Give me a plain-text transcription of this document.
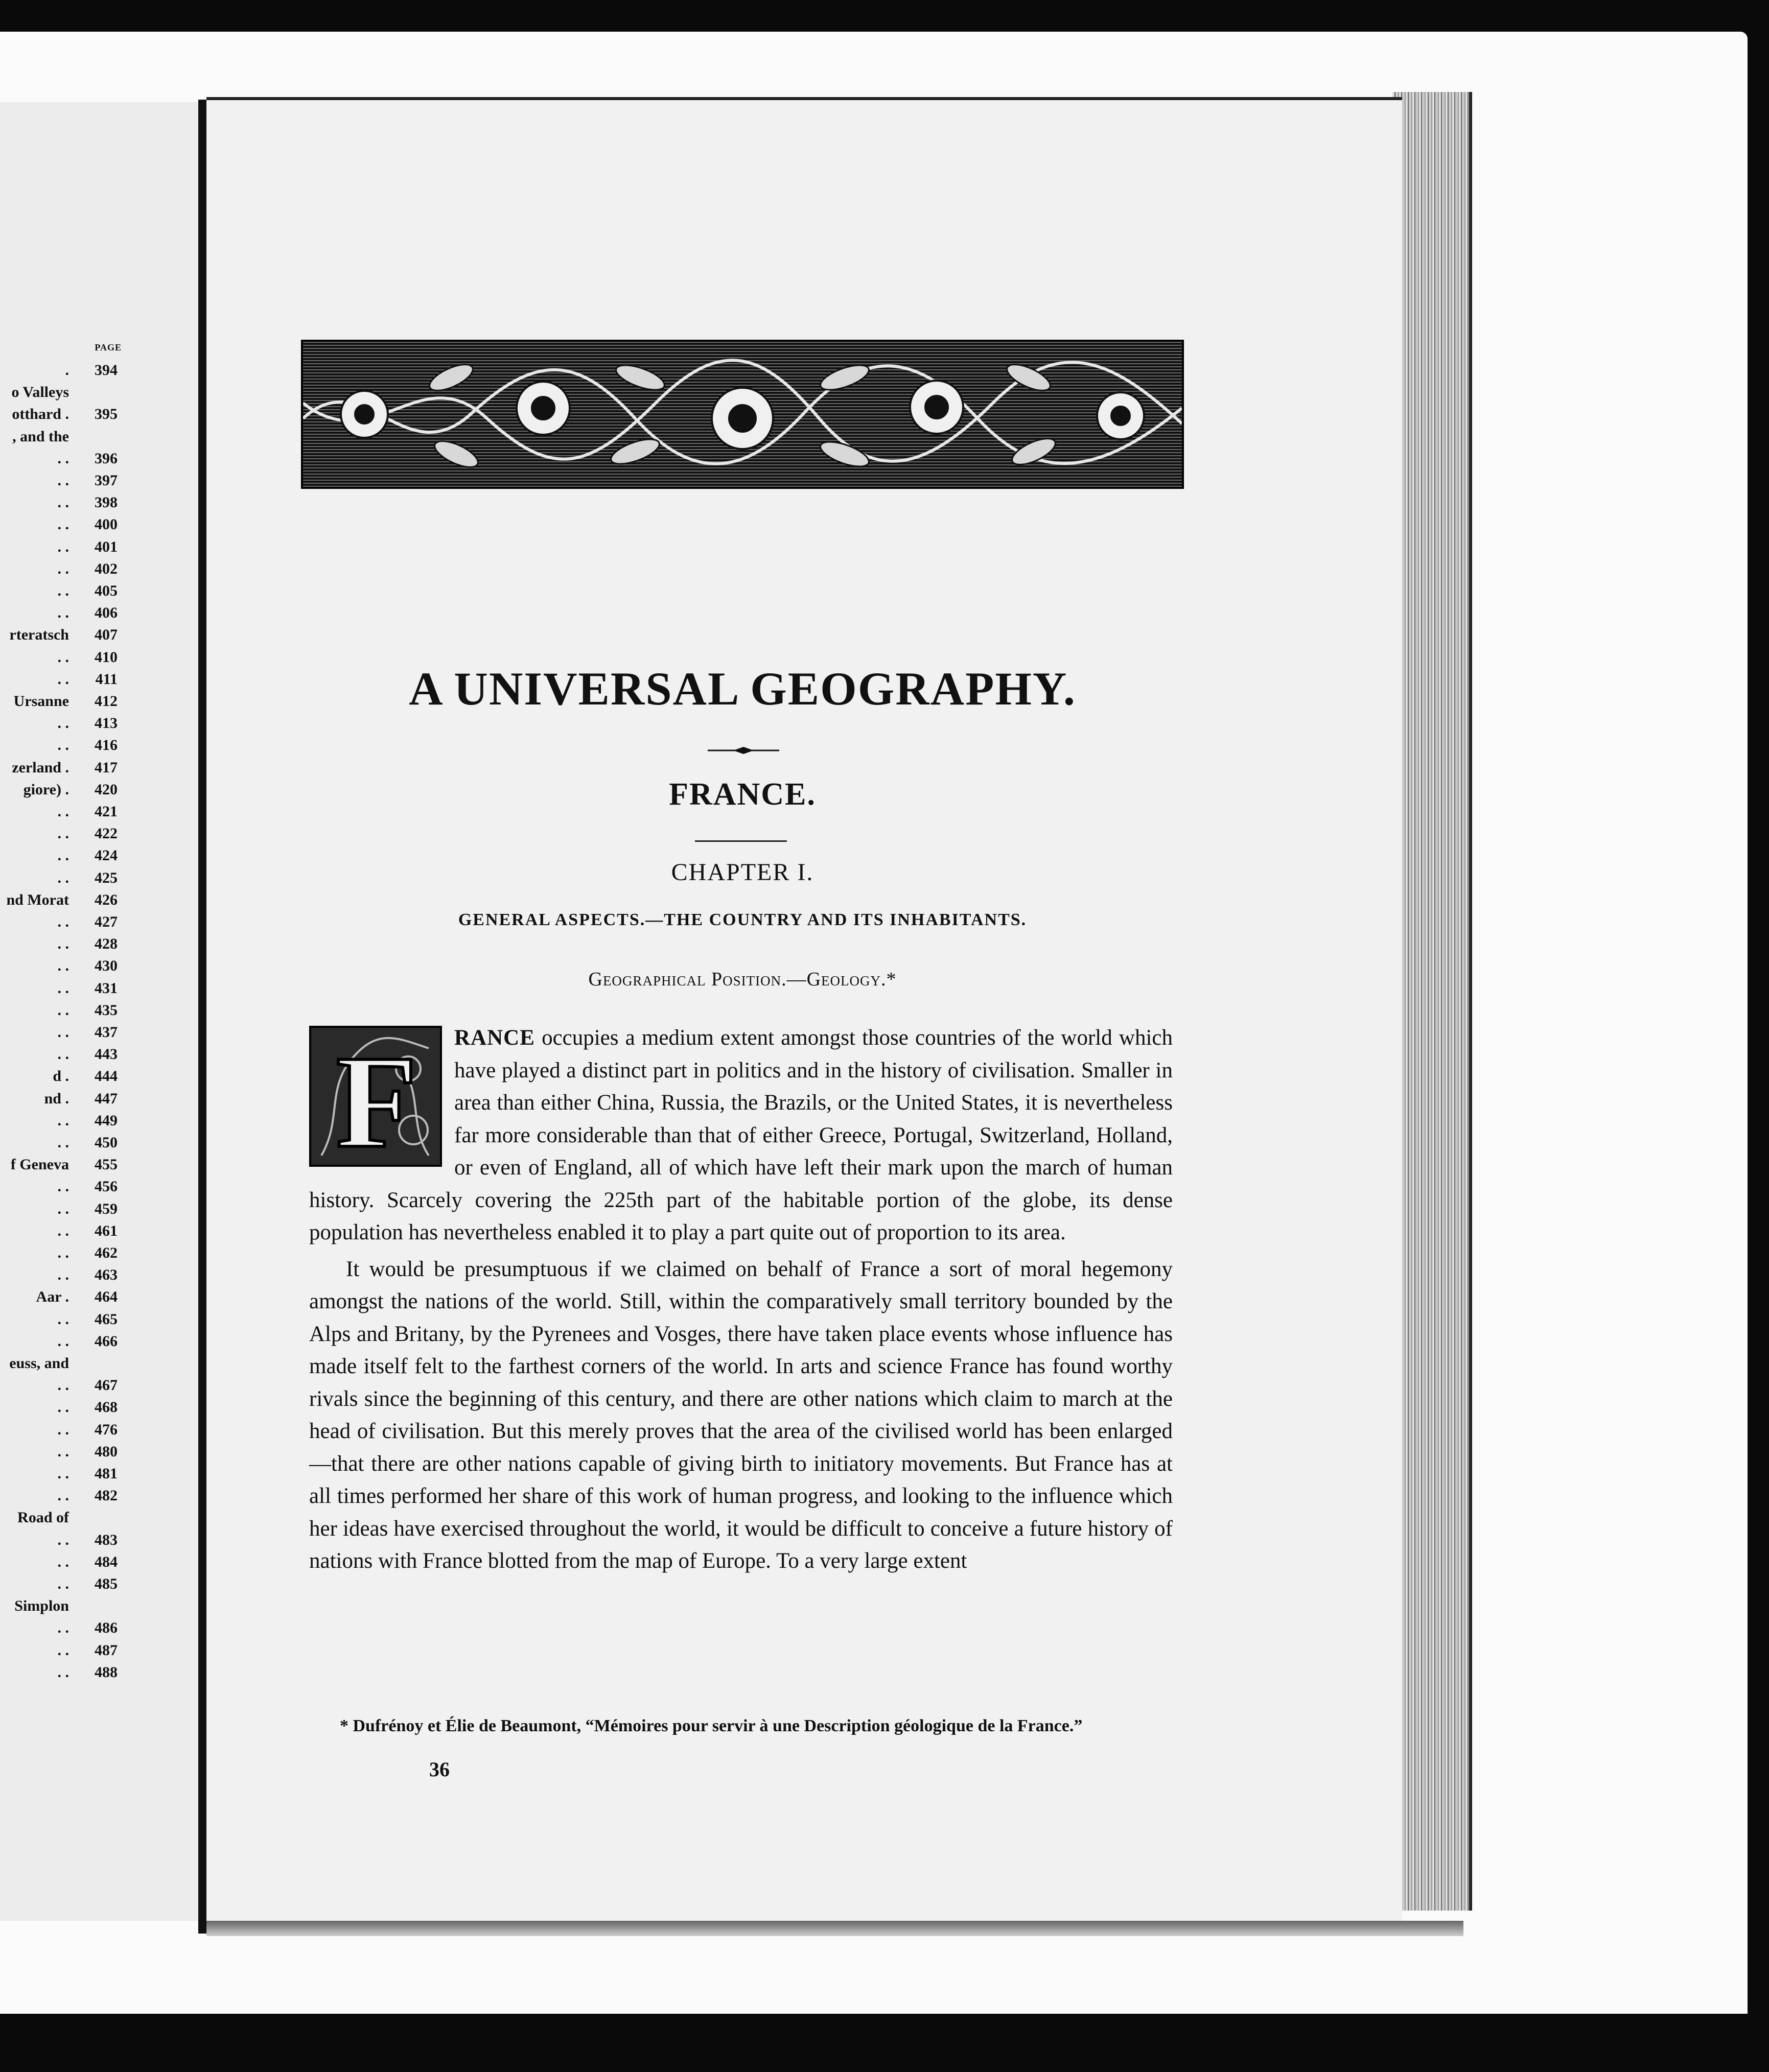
PAGE
.	394
o Valleys
otthard .	395
, and the
. .	396
. .	397
. .	398
. .	400
. .	401
. .	402
. .	405
. .	406
rteratsch	407
. .	410
. .	411
Ursanne	412
. .	413
. .	416
zerland .	417
giore) .	420
. .	421
. .	422
. .	424
. .	425
nd Morat	426
. .	427
. .	428
. .	430
. .	431
. .	435
. .	437
. .	443
d .	444
nd .	447
. .	449
. .	450
f Geneva	455
. .	456
. .	459
. .	461
. .	462
. .	463
Aar .	464
. .	465
. .	466
euss, and
. .	467
. .	468
. .	476
. .	480
. .	481
. .	482
Road of
. .	483
. .	484
. .	485
Simplon
. .	486
. .	487
. .	488
A UNIVERSAL GEOGRAPHY.
FRANCE.
CHAPTER I.
GENERAL ASPECTS.—THE COUNTRY AND ITS INHABITANTS.
Geographical Position.—Geology.*

F RANCE occupies a medium extent amongst those countries of the world which have played a distinct part in politics and in the history of civilisation. Smaller in area than either China, Russia, the Brazils, or the United States, it is nevertheless far more considerable than that of either Greece, Portugal, Switzerland, Holland, or even of England, all of which have left their mark upon the march of human history. Scarcely covering the 225th part of the habitable portion of the globe, its dense population has nevertheless enabled it to play a part quite out of proportion to its area.

It would be presumptuous if we claimed on behalf of France a sort of moral hegemony amongst the nations of the world. Still, within the comparatively small territory bounded by the Alps and Britany, by the Pyrenees and Vosges, there have taken place events whose influence has made itself felt to the farthest corners of the world. In arts and science France has found worthy rivals since the beginning of this century, and there are other nations which claim to march at the head of civilisation. But this merely proves that the area of the civilised world has been enlarged—that there are other nations capable of giving birth to initiatory movements. But France has at all times performed her share of this work of human progress, and looking to the influence which her ideas have exercised throughout the world, it would be difficult to conceive a future history of nations with France blotted from the map of Europe. To a very large extent

* Dufrénoy et Élie de Beaumont, “Mémoires pour servir à une Description géologique de la France.”
36
